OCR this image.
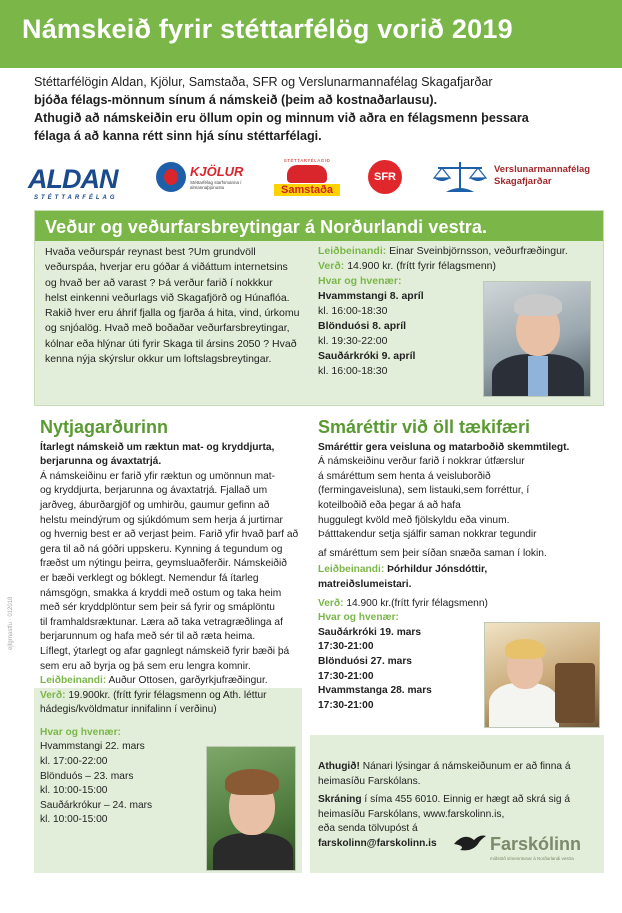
Námskeið fyrir stéttarfélög vorið 2019

Stéttarfélögin Aldan, Kjölur, Samstaða, SFR og Verslunarmannafélag Skagafjarðar

bjóða félags-mönnum sínum á námskeið (þeim að kostnaðarlausu).

Athugið að námskeiðin eru öllum opin og minnum við aðra en félagsmenn þessara

félaga á að kanna rétt sinn hjá sínu stéttarfélagi.

ALDAN
STÉTTARFÉLAG
KJÖLUR
Stéttarfélag starfsmanna í almannaþjónustu
STÉTTARFÉLAGIÐ
Samstaða
SFR
Verslunarmannafélag
Skagafjarðar
Veður og veðurfarsbreytingar á Norðurlandi vestra.

Hvaða veðurspár reynast best ?Um grundvöll

veðurspáa, hverjar eru góðar á viðáttum internetsins

og hvað ber að varast ? Þá verður farið í nokkkur

helst einkenni veðurlags við Skagafjörð og Húnaflóa.

Rakið hver eru áhrif fjalla og fjarða á hita, vind, úrkomu

og snjóalög. Hvað með boðaðar veðurfarsbreytingar,

kólnar eða hlýnar úti fyrir Skaga til ársins 2050 ? Hvað

kenna nýja skýrslur okkur um loftslagsbreytingar.

Leiðbeinandi: Einar Sveinbjörnsson, veðurfræðingur.

Verð: 14.900 kr. (frítt fyrir félagsmenn)

Hvar og hvenær:

Hvammstangi 8. apríl

kl. 16:00-18:30

Blönduósi 8. apríl

kl. 19:30-22:00

Sauðárkróki 9. apríl

kl. 16:00-18:30

Nytjagarðurinn

Ítarlegt námskeið um ræktun mat- og kryddjurta,

berjarunna og ávaxtatrjá.

Á námskeiðinu er farið yfir ræktun og umönnun mat-

og kryddjurta, berjarunna og ávaxtatrjá. Fjallað um

jarðveg, áburðargjöf og umhirðu, gaumur gefinn að

helstu meindýrum og sjúkdómum sem herja á jurtirnar

og hvernig best er að verjast þeim. Farið yfir hvað þarf að

gera til að ná góðri uppskeru. Kynning á tegundum og

fræðst um nýtingu þeirra, geymsluaðferðir. Námskeiðið

er bæði verklegt og bóklegt. Nemendur fá ítarleg

námsgögn, smakka á kryddi með ostum og taka heim

með sér kryddplöntur sem þeir sá fyrir og smáplöntu

til framhaldsræktunar. Læra að taka vetragræðlinga af

berjarunnum og hafa með sér til að ræta heima.

Líflegt, ýtarlegt og afar gagnlegt námskeið fyrir bæði þá

sem eru að byrja og þá sem eru lengra komnir.

Leiðbeinandi: Auður Ottosen, garðyrkjufræðingur.

Verð: 19.900kr. (frítt fyrir félagsmenn og Ath. léttur

hádegis/kvöldmatur innifalinn í verðinu)

Hvar og hvenær:

Hvammstangi 22. mars

kl. 17:00-22:00

Blönduós – 23. mars

kl. 10:00-15:00

Sauðárkrókur – 24. mars

kl. 10:00-15:00

Smáréttir við öll tækifæri

Smáréttir gera veisluna og matarboðið skemmtilegt.

Á námskeiðinu verður farið í nokkrar útfærslur

á smáréttum sem henta á veisluborðið

(fermingaveisluna), sem listauki,sem forréttur, í

koteilboðið eða þegar á að hafa

huggulegt kvöld með fjölskyldu eða vinum.

Þátttakendur setja sjálfir saman nokkrar tegundir

af smáréttum sem þeir síðan snæða saman í lokin.

Leiðbeinandi: Þórhildur Jónsdóttir,

matreiðslumeistari.

Verð: 14.900 kr.(frítt fyrir félagsmenn)

Hvar og hvenær:

Sauðárkróki 19. mars

17:30-21:00

Blönduósi 27. mars

17:30-21:00

Hvammstanga 28. mars

17:30-21:00

Athugið! Nánari lýsingar á námskeiðunum er að finna á

heimasíðu Farskólans.

Skráning í síma 455 6010. Einnig er hægt að skrá sig á

heimasíðu Farskólans, www.farskolinn.is,

eða senda tölvupóst á

farskolinn@farskolinn.is	Farskólinn
miðstöð símenntunar á Norðurlandi vestra
ejfgrnastfu · 012018
